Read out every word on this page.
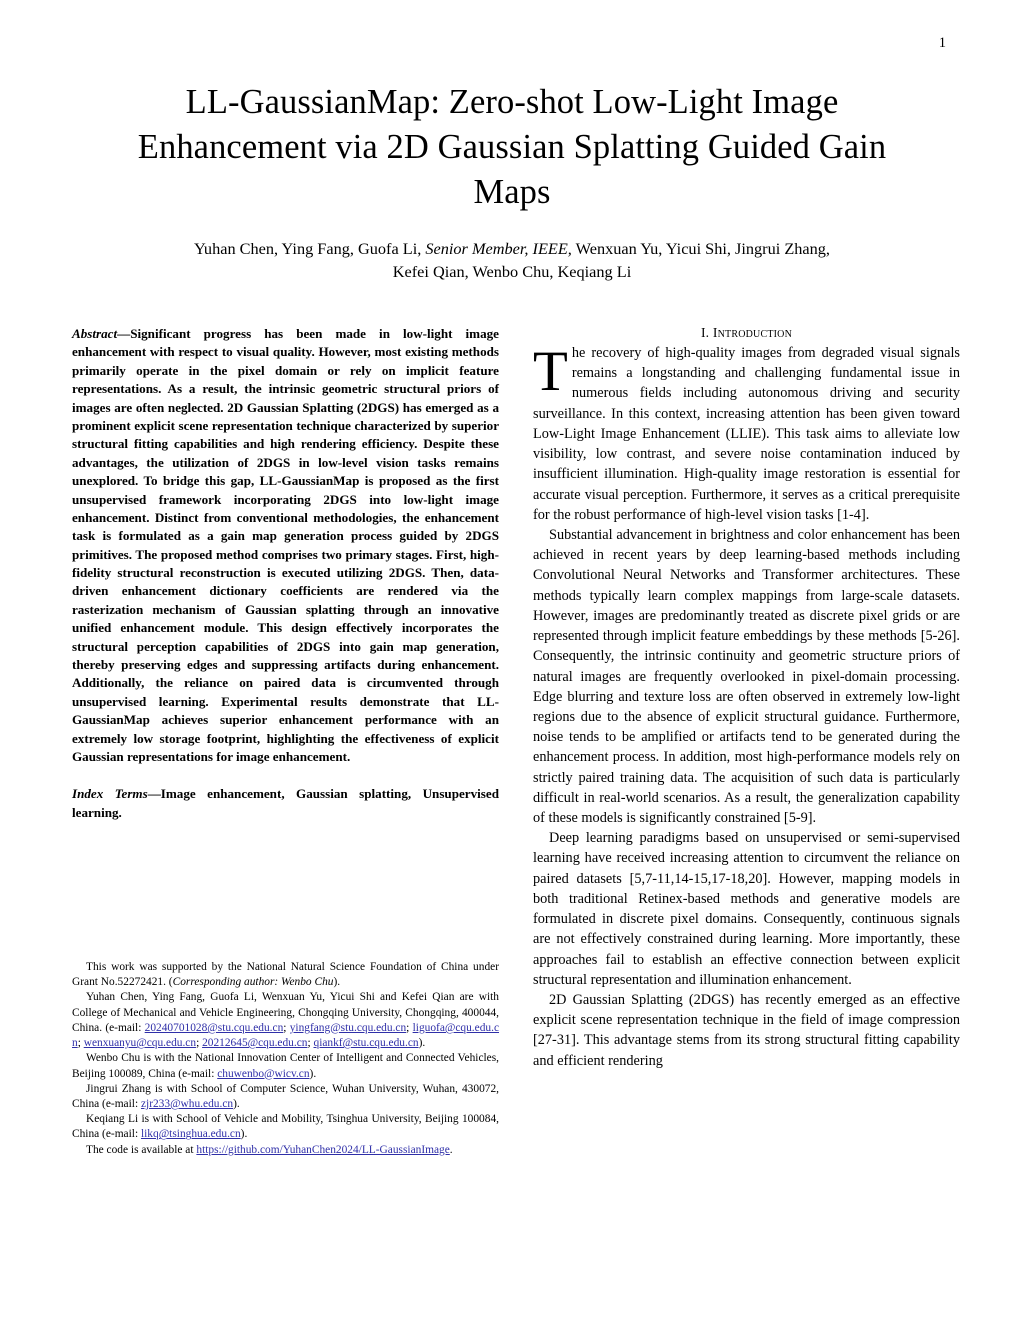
1
LL-GaussianMap: Zero-shot Low-Light Image Enhancement via 2D Gaussian Splatting Guided Gain Maps
Yuhan Chen, Ying Fang, Guofa Li, Senior Member, IEEE, Wenxuan Yu, Yicui Shi, Jingrui Zhang,
Kefei Qian, Wenbo Chu, Keqiang Li

Abstract—Significant progress has been made in low-light image enhancement with respect to visual quality. However, most existing methods primarily operate in the pixel domain or rely on implicit feature representations. As a result, the intrinsic geometric structural priors of images are often neglected. 2D Gaussian Splatting (2DGS) has emerged as a prominent explicit scene representation technique characterized by superior structural fitting capabilities and high rendering efficiency. Despite these advantages, the utilization of 2DGS in low-level vision tasks remains unexplored. To bridge this gap, LL-GaussianMap is proposed as the first unsupervised framework incorporating 2DGS into low-light image enhancement. Distinct from conventional methodologies, the enhancement task is formulated as a gain map generation process guided by 2DGS primitives. The proposed method comprises two primary stages. First, high-fidelity structural reconstruction is executed utilizing 2DGS. Then, data-driven enhancement dictionary coefficients are rendered via the rasterization mechanism of Gaussian splatting through an innovative unified enhancement module. This design effectively incorporates the structural perception capabilities of 2DGS into gain map generation, thereby preserving edges and suppressing artifacts during enhancement. Additionally, the reliance on paired data is circumvented through unsupervised learning. Experimental results demonstrate that LL-GaussianMap achieves superior enhancement performance with an extremely low storage footprint, highlighting the effectiveness of explicit Gaussian representations for image enhancement.

Index Terms—Image enhancement, Gaussian splatting, Unsupervised learning.

This work was supported by the National Natural Science Foundation of China under Grant No.52272421. (Corresponding author: Wenbo Chu).

Yuhan Chen, Ying Fang, Guofa Li, Wenxuan Yu, Yicui Shi and Kefei Qian are with College of Mechanical and Vehicle Engineering, Chongqing University, Chongqing, 400044, China. (e-mail: 20240701028@stu.cqu.edu.cn; yingfang@stu.cqu.edu.cn; liguofa@cqu.edu.cn; wenxuanyu@cqu.edu.cn; 20212645@cqu.edu.cn; qiankf@stu.cqu.edu.cn).

Wenbo Chu is with the National Innovation Center of Intelligent and Connected Vehicles, Beijing 100089, China (e-mail: chuwenbo@wicv.cn).

Jingrui Zhang is with School of Computer Science, Wuhan University, Wuhan, 430072, China (e-mail: zjr233@whu.edu.cn).

Keqiang Li is with School of Vehicle and Mobility, Tsinghua University, Beijing 100084, China (e-mail: likq@tsinghua.edu.cn).

The code is available at https://github.com/YuhanChen2024/LL-GaussianImage.

I. Introduction

The recovery of high-quality images from degraded visual signals remains a longstanding and challenging fundamental issue in numerous fields including autonomous driving and security surveillance. In this context, increasing attention has been given toward Low-Light Image Enhancement (LLIE). This task aims to alleviate low visibility, low contrast, and severe noise contamination induced by insufficient illumination. High-quality image restoration is essential for accurate visual perception. Furthermore, it serves as a critical prerequisite for the robust performance of high-level vision tasks [1-4].

Substantial advancement in brightness and color enhancement has been achieved in recent years by deep learning-based methods including Convolutional Neural Networks and Transformer architectures. These methods typically learn complex mappings from large-scale datasets. However, images are predominantly treated as discrete pixel grids or are represented through implicit feature embeddings by these methods [5-26]. Consequently, the intrinsic continuity and geometric structure priors of natural images are frequently overlooked in pixel-domain processing. Edge blurring and texture loss are often observed in extremely low-light regions due to the absence of explicit structural guidance. Furthermore, noise tends to be amplified or artifacts tend to be generated during the enhancement process. In addition, most high-performance models rely on strictly paired training data. The acquisition of such data is particularly difficult in real-world scenarios. As a result, the generalization capability of these models is significantly constrained [5-9].

Deep learning paradigms based on unsupervised or semi-supervised learning have received increasing attention to circumvent the reliance on paired datasets [5,7-11,14-15,17-18,20]. However, mapping models in both traditional Retinex-based methods and generative models are formulated in discrete pixel domains. Consequently, continuous signals are not effectively constrained during learning. More importantly, these approaches fail to establish an effective connection between explicit structural representation and illumination enhancement.

2D Gaussian Splatting (2DGS) has recently emerged as an effective explicit scene representation technique in the field of image compression [27-31]. This advantage stems from its strong structural fitting capability and efficient rendering
